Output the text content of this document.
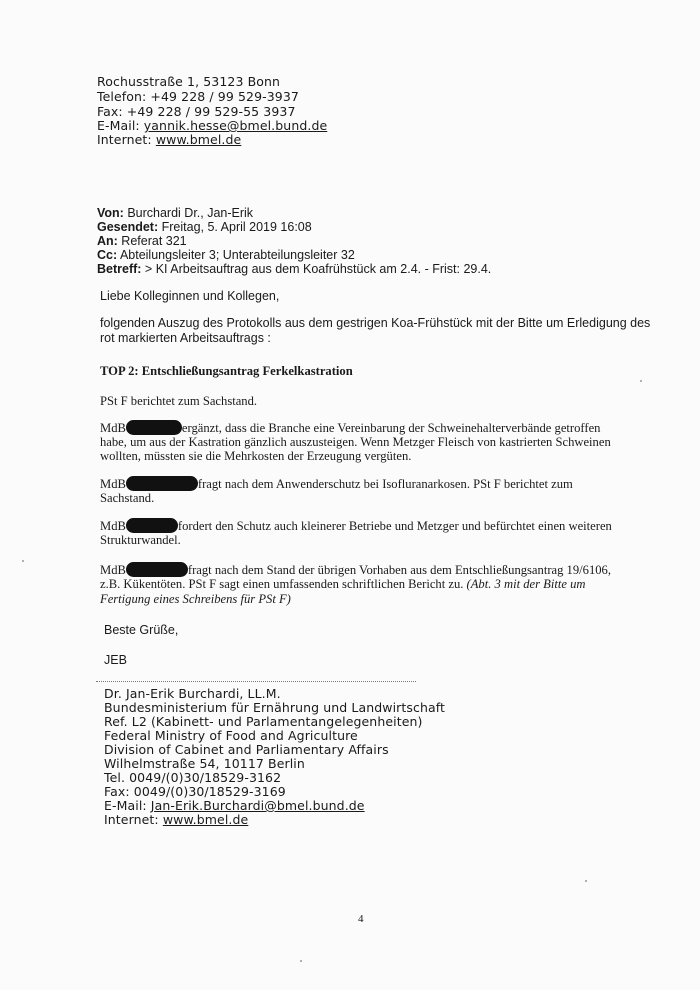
Rochusstraße 1, 53123 Bonn
Telefon: +49 228 / 99 529-3937
Fax: +49 228 / 99 529-55 3937
E-Mail: yannik.hesse@bmel.bund.de
Internet: www.bmel.de
Von: Burchardi Dr., Jan-Erik
Gesendet: Freitag, 5. April 2019 16:08
An: Referat 321
Cc: Abteilungsleiter 3; Unterabteilungsleiter 32
Betreff: > KI Arbeitsauftrag aus dem Koafrühstück am 2.4. - Frist: 29.4.
Liebe Kolleginnen und Kollegen,
folgenden Auszug des Protokolls aus dem gestrigen Koa-Frühstück mit der Bitte um Erledigung des
rot markierten Arbeitsauftrags :
TOP 2: Entschließungsantrag Ferkelkastration
PSt F berichtet zum Sachstand.
MdB	ergänzt, dass die Branche eine Vereinbarung der Schweinehalterverbände getroffen
habe, um aus der Kastration gänzlich auszusteigen. Wenn Metzger Fleisch von kastrierten Schweinen
wollten, müssten sie die Mehrkosten der Erzeugung vergüten.
MdB	fragt nach dem Anwenderschutz bei Isofluranarkosen. PSt F berichtet zum
Sachstand.
MdB	fordert den Schutz auch kleinerer Betriebe und Metzger und befürchtet einen weiteren
Strukturwandel.
MdB	fragt nach dem Stand der übrigen Vorhaben aus dem Entschließungsantrag 19/6106,
z.B. Kükentöten. PSt F sagt einen umfassenden schriftlichen Bericht zu. (Abt. 3 mit der Bitte um
Fertigung eines Schreibens für PSt F)
Beste Grüße,
JEB
Dr. Jan-Erik Burchardi, LL.M.
Bundesministerium für Ernährung und Landwirtschaft
Ref. L2 (Kabinett- und Parlamentangelegenheiten)
Federal Ministry of Food and Agriculture
Division of Cabinet and Parliamentary Affairs
Wilhelmstraße 54, 10117 Berlin
Tel. 0049/(0)30/18529-3162
Fax: 0049/(0)30/18529-3169
E-Mail: Jan-Erik.Burchardi@bmel.bund.de
Internet: www.bmel.de
4
